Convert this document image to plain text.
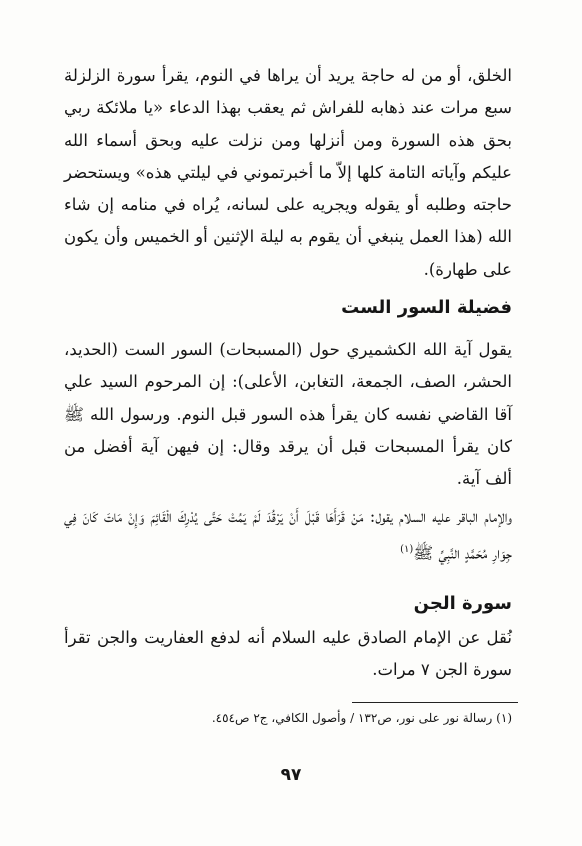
الخلق، أو من له حاجة يريد أن يراها في النوم، يقرأ سورة الزلزلة سبع مرات عند ذهابه للفراش ثم يعقب بهذا الدعاء «يا ملائكة ربي بحق هذه السورة ومن أنزلها ومن نزلت عليه وبحق أسماء الله عليكم وآياته التامة كلها إلاّ ما أخبرتموني في ليلتي هذه» ويستحضر حاجته وطلبه أو يقوله ويجريه على لسانه، يُراه في منامه إن شاء الله (هذا العمل ينبغي أن يقوم به ليلة الإثنين أو الخميس وأن يكون على طهارة).

فضيلة السور الست

يقول آية الله الكشميري حول (المسبحات) السور الست (الحديد، الحشر، الصف، الجمعة، التغابن، الأعلى): إن المرحوم السيد علي آقا القاضي نفسه كان يقرأ هذه السور قبل النوم. ورسول الله ﷺ كان يقرأ المسبحات قبل أن يرقد وقال: إن فيهن آية أفضل من ألف آية.

والإمام الباقر عليه السلام يقول: مَنْ قَرَأَهَا قَبْلَ أَنْ يَرْقُدَ لَمْ يَمُتْ حَتَّى يُدْرِكَ الْقَائِمَ وَإِنْ مَاتَ كَانَ فِي جِوَارِ مُحَمَّدٍ النَّبِيِّ ﷺ$^{(١)}$

سورة الجن

نُقل عن الإمام الصادق عليه السلام أنه لدفع العفاريت والجن تقرأ سورة الجن ٧ مرات.

(١) رسالة نور على نور، ص١٣٢ / وأصول الكافي، ج٢ ص٤٥٤.

٩٧
